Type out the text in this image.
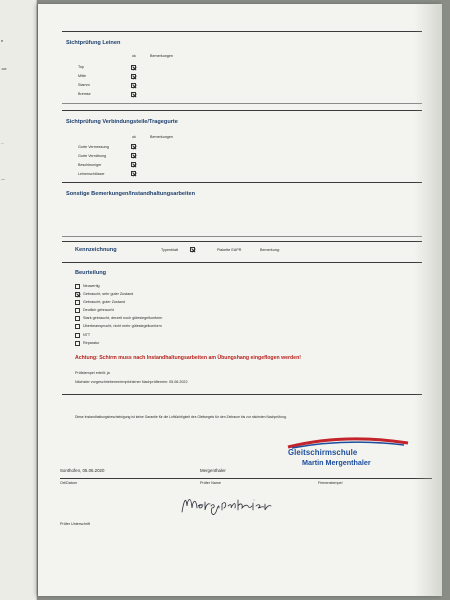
e
:ue
...
—
Sichtprüfung Leinen
ok	Bemerkungen
Top
Mitte
Stamm
Bremse
Sichtprüfung Verbindungsteile/Tragegurte
ok	Bemerkungen
Gurte Vermessung
Gurte Vernähung
Beschleuniger
Leinenschlösser
Sonstige Bemerkungen/Instandhaltungsarbeiten
Kennzeichnung	Typenblatt	Plakette EAPR	Bemerkung:
Beurteilung
Neuwertig
Gebraucht, sehr guter Zustand
Gebraucht, guter Zustand
Deutlich gebraucht
Stark gebraucht, derzeit noch gütesiegelkonform
Überbeansprucht, nicht mehr gütesiegelkonform
NTT
Reparatur
Achtung: Schirm muss nach Instandhaltungsarbeiten am Übungshang eingeflogen werden!
Prüfstempel erteilt: ja
Nächster vorgeschriebener/empfohlener Nachprüftermin: 05.06.2022
Diese Instandhaltungsbescheinigung ist keine Garantie für die Lufttüchtigkeit des Gleitsegels für den Zeitraum bis zur nächsten Nachprüfung.
Gleitschirmschule
Martin Mergenthaler
Sonthofen, 05.06.2020	Mergenthaler
Ort/Datum	Prüfer Name	Firmenstempel
Prüfer Unterschrift
